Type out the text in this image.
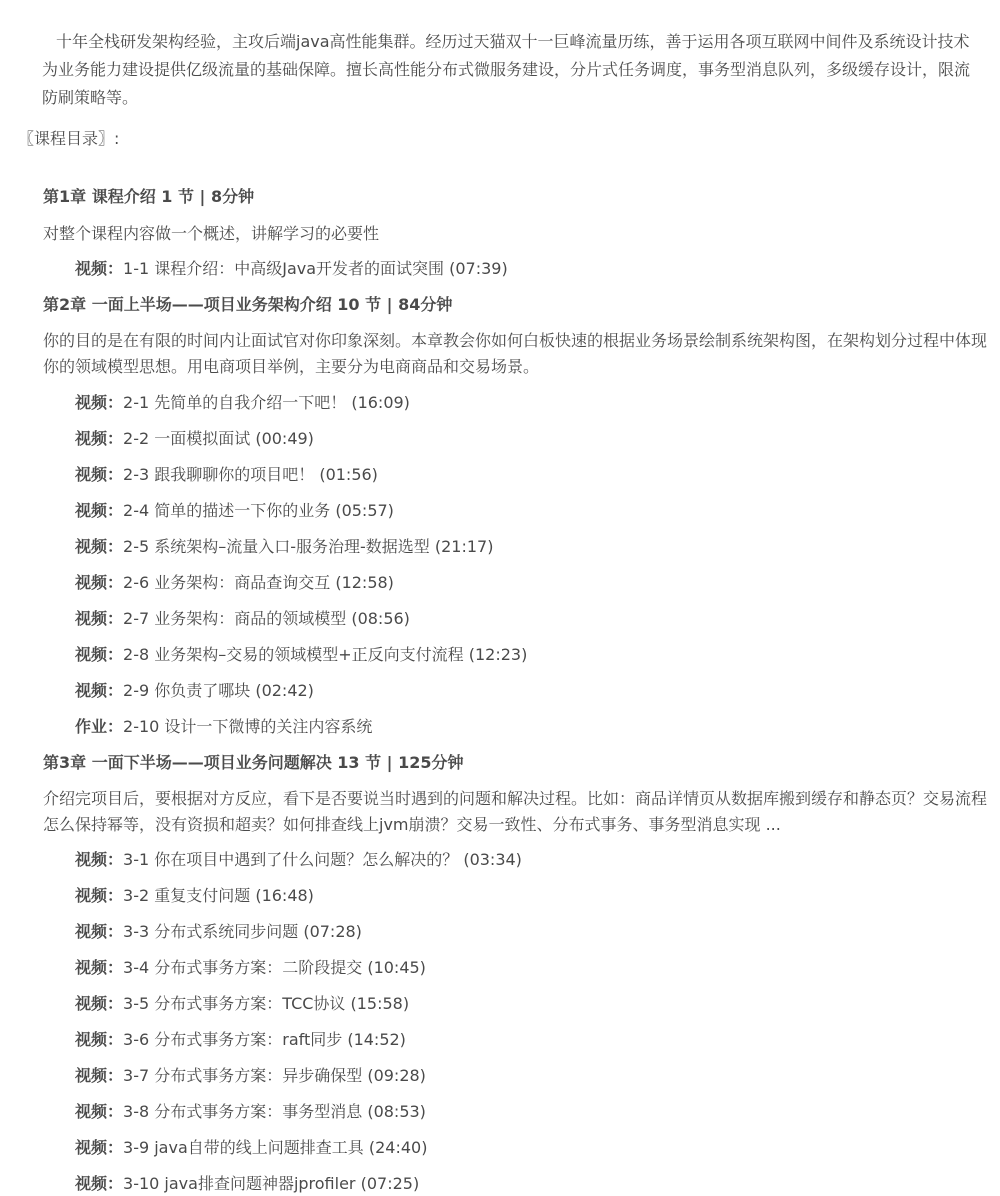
十年全栈研发架构经验，主攻后端java高性能集群。经历过天猫双十一巨峰流量历练，善于运用各项互联网中间件及系统设计技术为业务能力建设提供亿级流量的基础保障。擅长高性能分布式微服务建设，分片式任务调度，事务型消息队列，多级缓存设计，限流防刷策略等。
〖课程目录〗:
第1章 课程介绍 1 节 | 8分钟
对整个课程内容做一个概述，讲解学习的必要性
视频：1-1 课程介绍：中高级Java开发者的面试突围 (07:39)
第2章 一面上半场——项目业务架构介绍 10 节 | 84分钟
你的目的是在有限的时间内让面试官对你印象深刻。本章教会你如何白板快速的根据业务场景绘制系统架构图，在架构划分过程中体现你的领域模型思想。用电商项目举例，主要分为电商商品和交易场景。
视频：2-1 先简单的自我介绍一下吧！ (16:09)
视频：2-2 一面模拟面试 (00:49)
视频：2-3 跟我聊聊你的项目吧！ (01:56)
视频：2-4 简单的描述一下你的业务 (05:57)
视频：2-5 系统架构–流量入口-服务治理-数据选型 (21:17)
视频：2-6 业务架构：商品查询交互 (12:58)
视频：2-7 业务架构：商品的领域模型 (08:56)
视频：2-8 业务架构–交易的领域模型+正反向支付流程 (12:23)
视频：2-9 你负责了哪块 (02:42)
作业：2-10 设计一下微博的关注内容系统
第3章 一面下半场——项目业务问题解决 13 节 | 125分钟
介绍完项目后，要根据对方反应，看下是否要说当时遇到的问题和解决过程。比如：商品详情页从数据库搬到缓存和静态页？交易流程怎么保持幂等，没有资损和超卖？如何排查线上jvm崩溃？交易一致性、分布式事务、事务型消息实现 ...
视频：3-1 你在项目中遇到了什么问题？怎么解决的？ (03:34)
视频：3-2 重复支付问题 (16:48)
视频：3-3 分布式系统同步问题 (07:28)
视频：3-4 分布式事务方案：二阶段提交 (10:45)
视频：3-5 分布式事务方案：TCC协议 (15:58)
视频：3-6 分布式事务方案：raft同步 (14:52)
视频：3-7 分布式事务方案：异步确保型 (09:28)
视频：3-8 分布式事务方案：事务型消息 (08:53)
视频：3-9 java自带的线上问题排查工具 (24:40)
视频：3-10 java排查问题神器jprofiler (07:25)
